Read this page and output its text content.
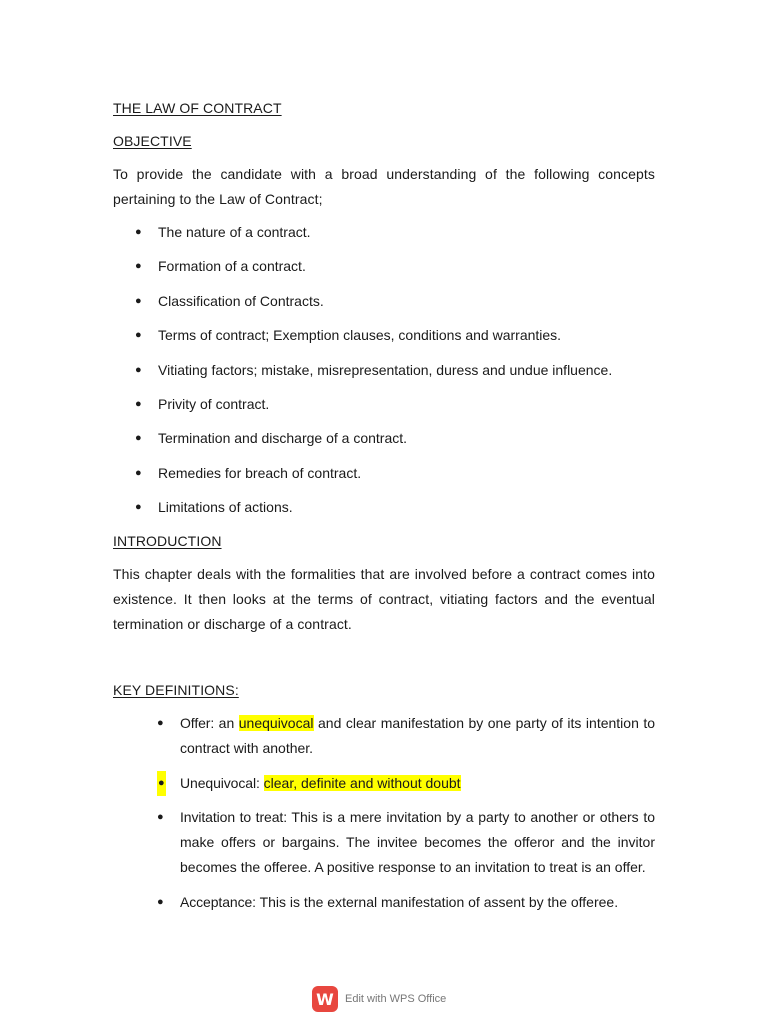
THE LAW OF CONTRACT
OBJECTIVE
To provide the candidate with a broad understanding of the following concepts pertaining to the Law of Contract;
● The nature of a contract.
● Formation of a contract.
● Classification of Contracts.
● Terms of contract; Exemption clauses, conditions and warranties.
● Vitiating factors; mistake, misrepresentation, duress and undue influence.
● Privity of contract.
● Termination and discharge of a contract.
● Remedies for breach of contract.
● Limitations of actions.
INTRODUCTION
This chapter deals with the formalities that are involved before a contract comes into existence. It then looks at the terms of contract, vitiating factors and the eventual termination or discharge of a contract.
KEY DEFINITIONS:
● Offer: an unequivocal and clear manifestation by one party of its intention to contract with another.
● Unequivocal: clear, definite and without doubt
● Invitation to treat: This is a mere invitation by a party to another or others to make offers or bargains. The invitee becomes the offeror and the invitor becomes the offeree. A positive response to an invitation to treat is an offer.
● Acceptance: This is the external manifestation of assent by the offeree.
W	Edit with WPS Office
